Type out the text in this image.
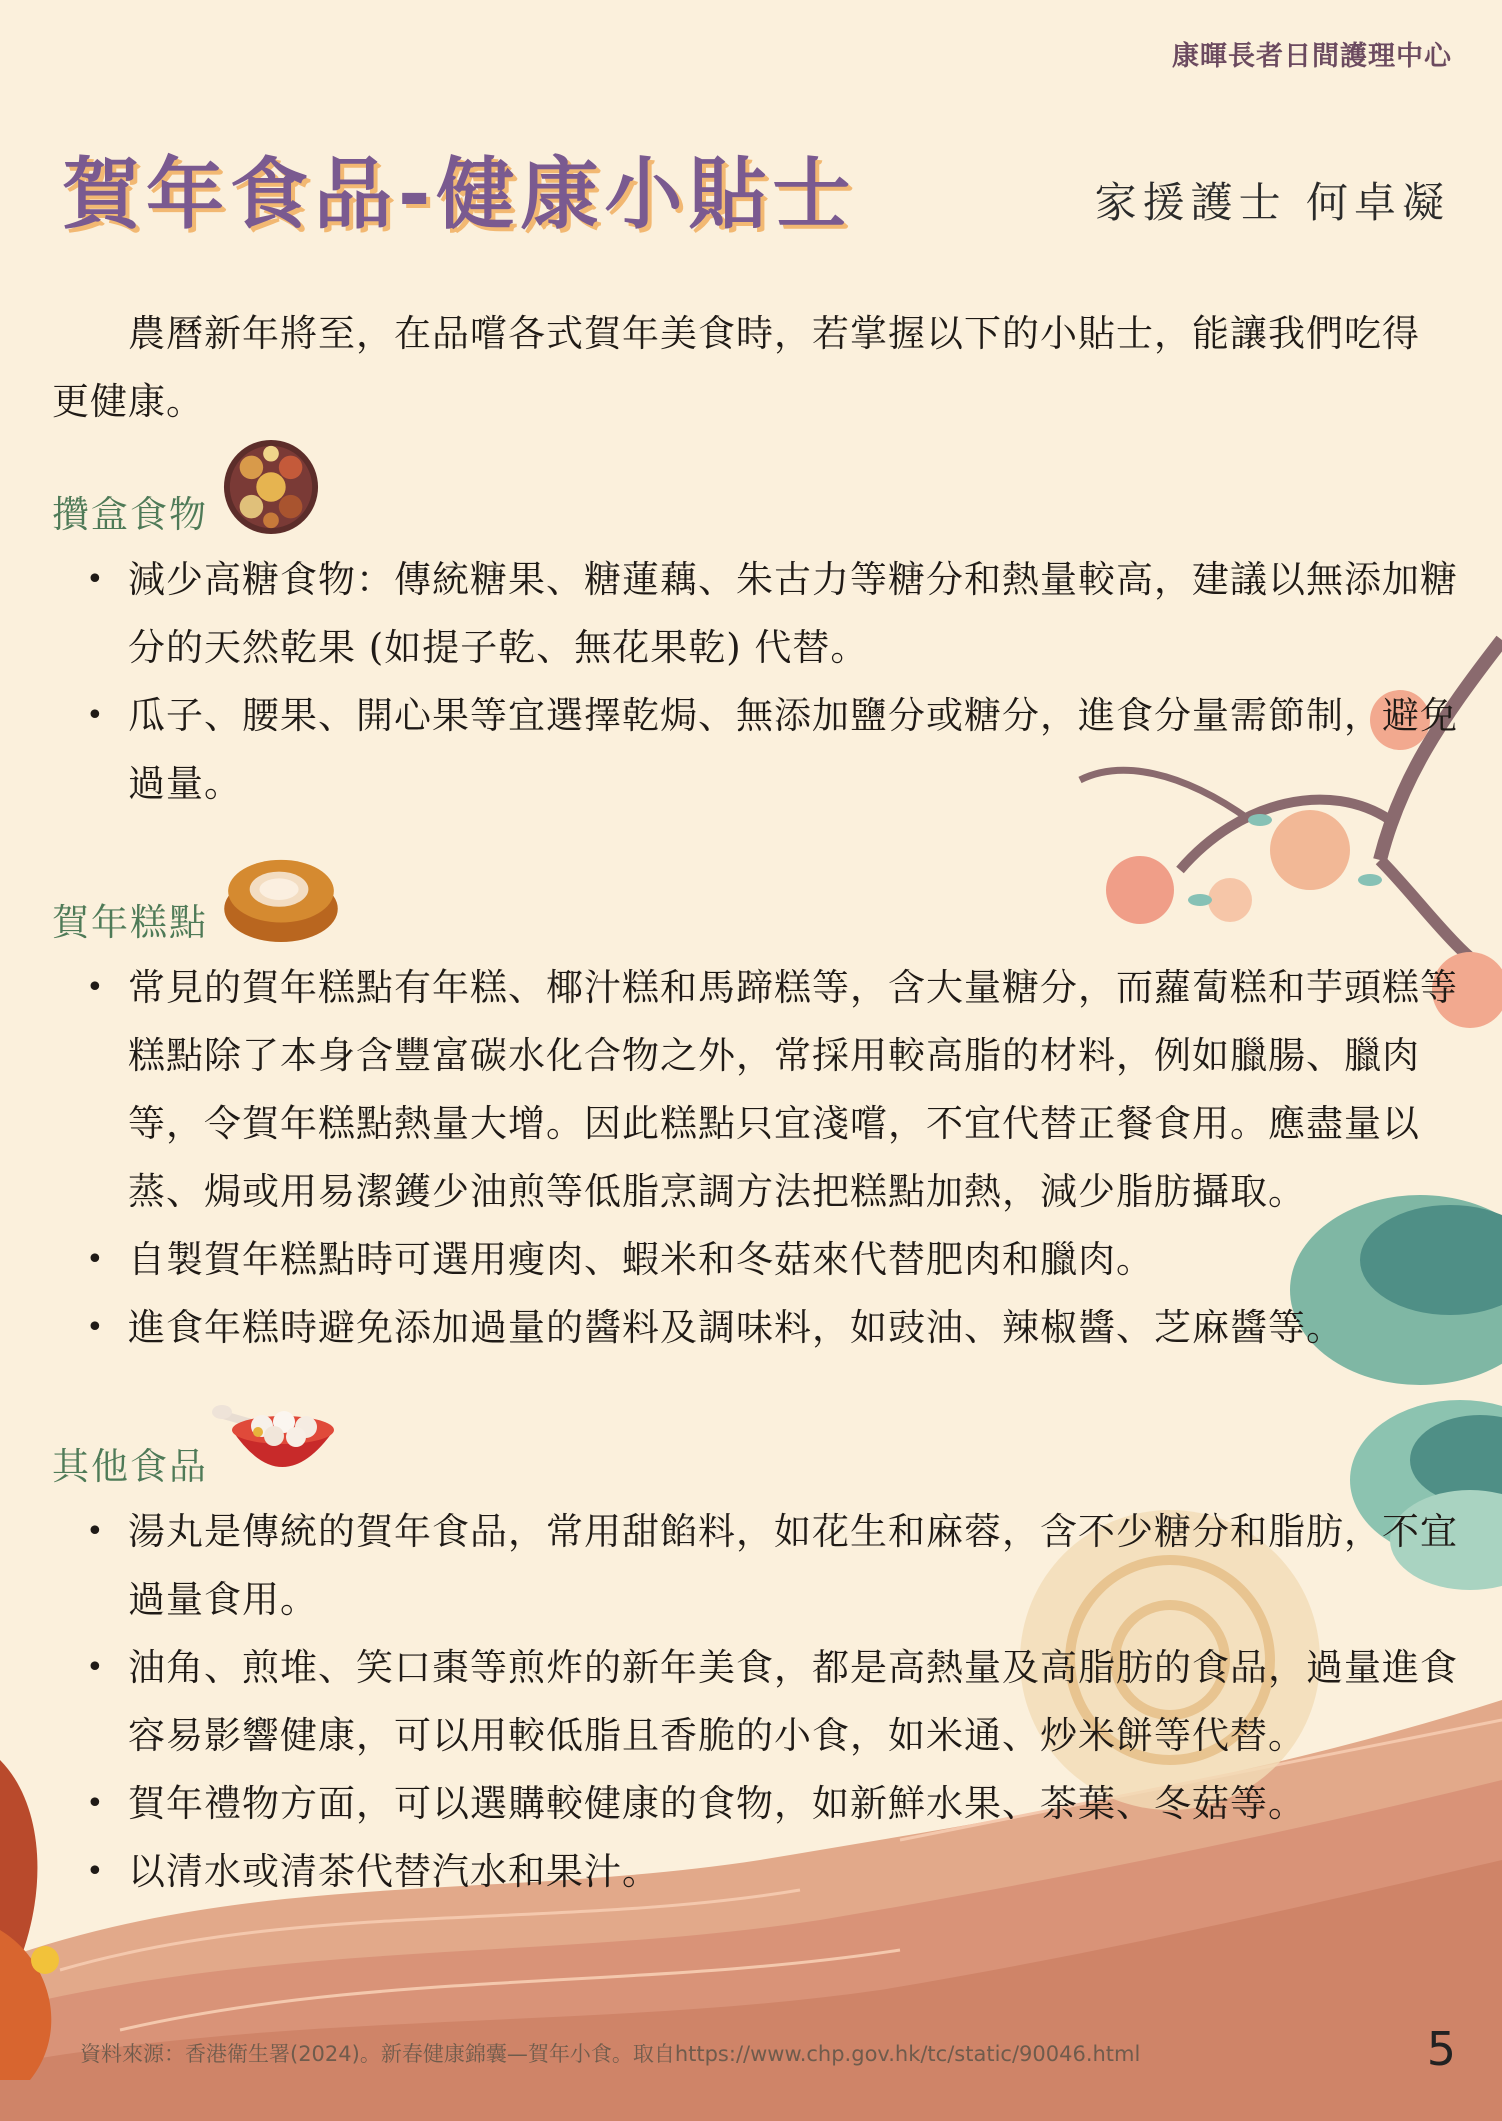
康暉長者日間護理中心
賀年食品-健康小貼士	家援護士 何卓凝
農曆新年將至，在品嚐各式賀年美食時，若掌握以下的小貼士，能讓我們吃得更健康。
攢盒食物
• 減少高糖食物：傳統糖果、糖蓮藕、朱古力等糖分和熱量較高，建議以無添加糖分的天然乾果 (如提子乾、無花果乾) 代替。
• 瓜子、腰果、開心果等宜選擇乾焗、無添加鹽分或糖分，進食分量需節制，避免過量。
賀年糕點
• 常見的賀年糕點有年糕、椰汁糕和馬蹄糕等，含大量糖分，而蘿蔔糕和芋頭糕等糕點除了本身含豐富碳水化合物之外，常採用較高脂的材料，例如臘腸、臘肉等，令賀年糕點熱量大增。因此糕點只宜淺嚐，不宜代替正餐食用。應盡量以蒸、焗或用易潔鑊少油煎等低脂烹調方法把糕點加熱，減少脂肪攝取。
• 自製賀年糕點時可選用瘦肉、蝦米和冬菇來代替肥肉和臘肉。
• 進食年糕時避免添加過量的醬料及調味料，如豉油、辣椒醬、芝麻醬等。
其他食品
• 湯丸是傳統的賀年食品，常用甜餡料，如花生和麻蓉，含不少糖分和脂肪，不宜過量食用。
• 油角、煎堆、笑口棗等煎炸的新年美食，都是高熱量及高脂肪的食品，過量進食容易影響健康，可以用較低脂且香脆的小食，如米通、炒米餅等代替。
• 賀年禮物方面，可以選購較健康的食物，如新鮮水果、茶葉、冬菇等。
• 以清水或清茶代替汽水和果汁。
資料來源：香港衛生署(2024)。新春健康錦囊—賀年小食。取自https://www.chp.gov.hk/tc/static/90046.html	5
